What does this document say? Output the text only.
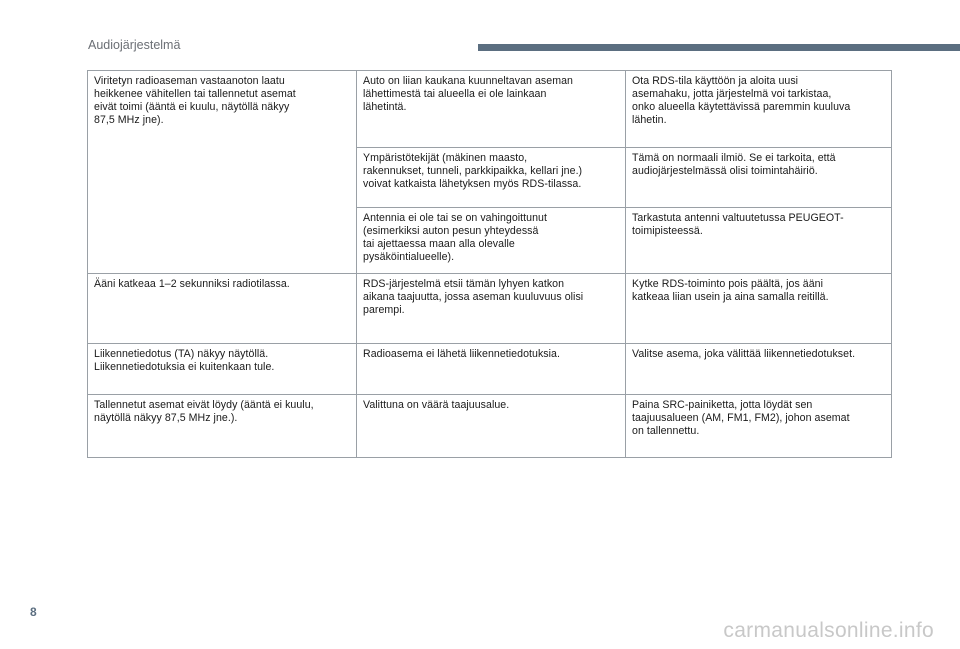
Audiojärjestelmä
Viritetyn radioaseman vastaanoton laatu
heikkenee vähitellen tai tallennetut asemat
eivät toimi (ääntä ei kuulu, näytöllä näkyy
87,5 MHz jne).	Auto on liian kaukana kuunneltavan aseman
lähettimestä tai alueella ei ole lainkaan
lähetintä.	Ota RDS-tila käyttöön ja aloita uusi
asemahaku, jotta järjestelmä voi tarkistaa,
onko alueella käytettävissä paremmin kuuluva
lähetin.

	Ympäristötekijät (mäkinen maasto,
rakennukset, tunneli, parkkipaikka, kellari jne.)
voivat katkaista lähetyksen myös RDS-tilassa.	Tämä on normaali ilmiö. Se ei tarkoita, että
audiojärjestelmässä olisi toimintahäiriö.

	Antennia ei ole tai se on vahingoittunut
(esimerkiksi auton pesun yhteydessä
tai ajettaessa maan alla olevalle
pysäköintialueelle).	Tarkastuta antenni valtuutetussa PEUGEOT-
toimipisteessä.

Ääni katkeaa 1–2 sekunniksi radiotilassa.	RDS-järjestelmä etsii tämän lyhyen katkon
aikana taajuutta, jossa aseman kuuluvuus olisi
parempi.	Kytke RDS-toiminto pois päältä, jos ääni
katkeaa liian usein ja aina samalla reitillä.

Liikennetiedotus (TA) näkyy näytöllä.
Liikennetiedotuksia ei kuitenkaan tule.	Radioasema ei lähetä liikennetiedotuksia.	Valitse asema, joka välittää liikennetiedotukset.

Tallennetut asemat eivät löydy (ääntä ei kuulu,
näytöllä näkyy 87,5 MHz jne.).	Valittuna on väärä taajuusalue.	Paina SRC-painiketta, jotta löydät sen
taajuusalueen (AM, FM1, FM2), johon asemat
on tallennettu.
8
carmanualsonline.info
